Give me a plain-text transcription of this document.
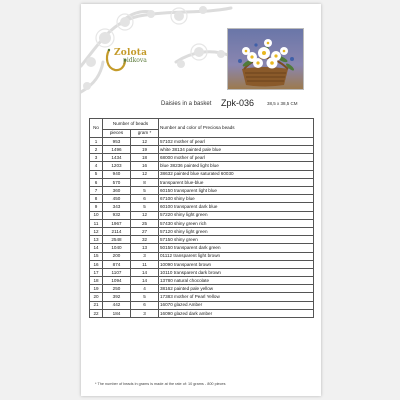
Zolota
pidkova
Daisies in a basket Zpk-036	38,5 x 38,5 CM
No	Number of beads		Number and color of Preciosa beads
	pieces	gram *	
1	953	12	57102 mother of pearl
2	1496	19	white 38134 painted pale blue
3	1434	18	68000 mother of pearl
4	1203	16	blue 38236 painted light blue
5	940	12	38632 painted blue saturated 60030
6	570	8	transparent blue-blue
7	360	5	60150 transparent light blue
8	450	6	67100 shiny blue
9	343	5	60100 transparent dark blue
10	932	12	57220 shiny light green
11	1967	25	57430 shiny green rich
12	2114	27	57120 shiny light green
13	2548	32	57150 shiny green
14	1040	13	50150 transparent dark green
15	200	3	01112 transparent light brown
16	874	11	10090 transparent brown
17	1107	14	10110 transparent dark brown
18	1094	14	13780 natural chocolate
19	250	4	38162 painted pale yellow
20	392	5	17383 mother of Pearl Yellow
21	442	6	16070 glazed Amber
22	184	3	16090 glazed dark amber
* The number of beads in grams is made at the rate of: 10 grams - 800 pieces
